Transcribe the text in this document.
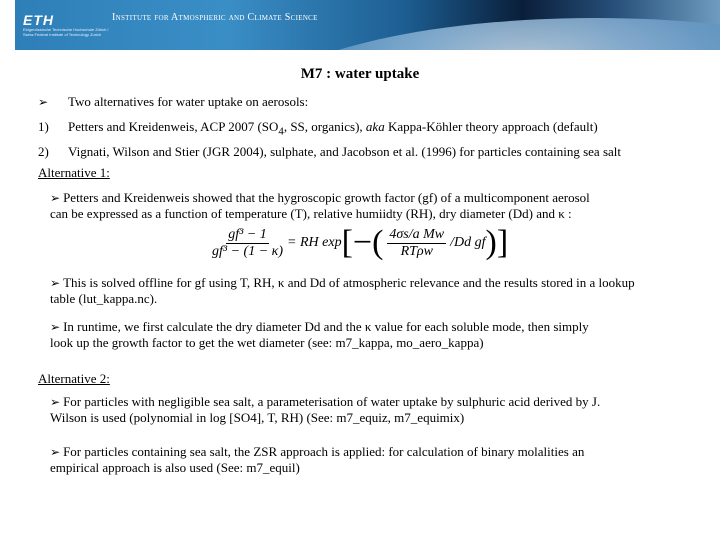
ETH
Eidgenössische Technische Hochschule Zürich / Swiss Federal Institute of Technology Zurich
Institute for Atmospheric and Climate Science
M7 : water uptake
➢ Two alternatives for water uptake on aerosols:
1) Petters and Kreidenweis, ACP 2007 ($SO_4$, SS, organics), aka Kappa-Köhler theory approach (default)
2) Vignati, Wilson and Stier (JGR 2004), sulphate, and Jacobson et al. (1996) for particles containing sea salt
Alternative 1:
➢ Petters and Kreidenweis showed that the hygroscopic growth factor (gf) of a multicomponent aerosol
can be expressed as a function of temperature (T), relative humiidty (RH), dry diameter (Dd) and κ :
$\frac{\text{gf³ − 1}}{\text{gf³ − (1 − κ)}}$ = RH exp [−( $\frac{\text{4σs/a Mw}}{\text{RTρw}}$ / Dd gf )]
➢ This is solved offline for gf using T, RH, κ and Dd of atmospheric relevance and the results stored in a lookup
table (lut_kappa.nc).
➢ In runtime, we first calculate the dry diameter Dd and the κ value for each soluble mode, then simply
look up the growth factor to get the wet diameter (see: m7_kappa, mo_aero_kappa)
Alternative 2:
➢ For particles with negligible sea salt, a parameterisation of water uptake by sulphuric acid derived by J.
Wilson is used (polynomial in log [SO4], T, RH) (See: m7_equiz, m7_equimix)
➢ For particles containing sea salt, the ZSR approach is applied: for calculation of binary molalities an
empirical approach is also used (See: m7_equil)
